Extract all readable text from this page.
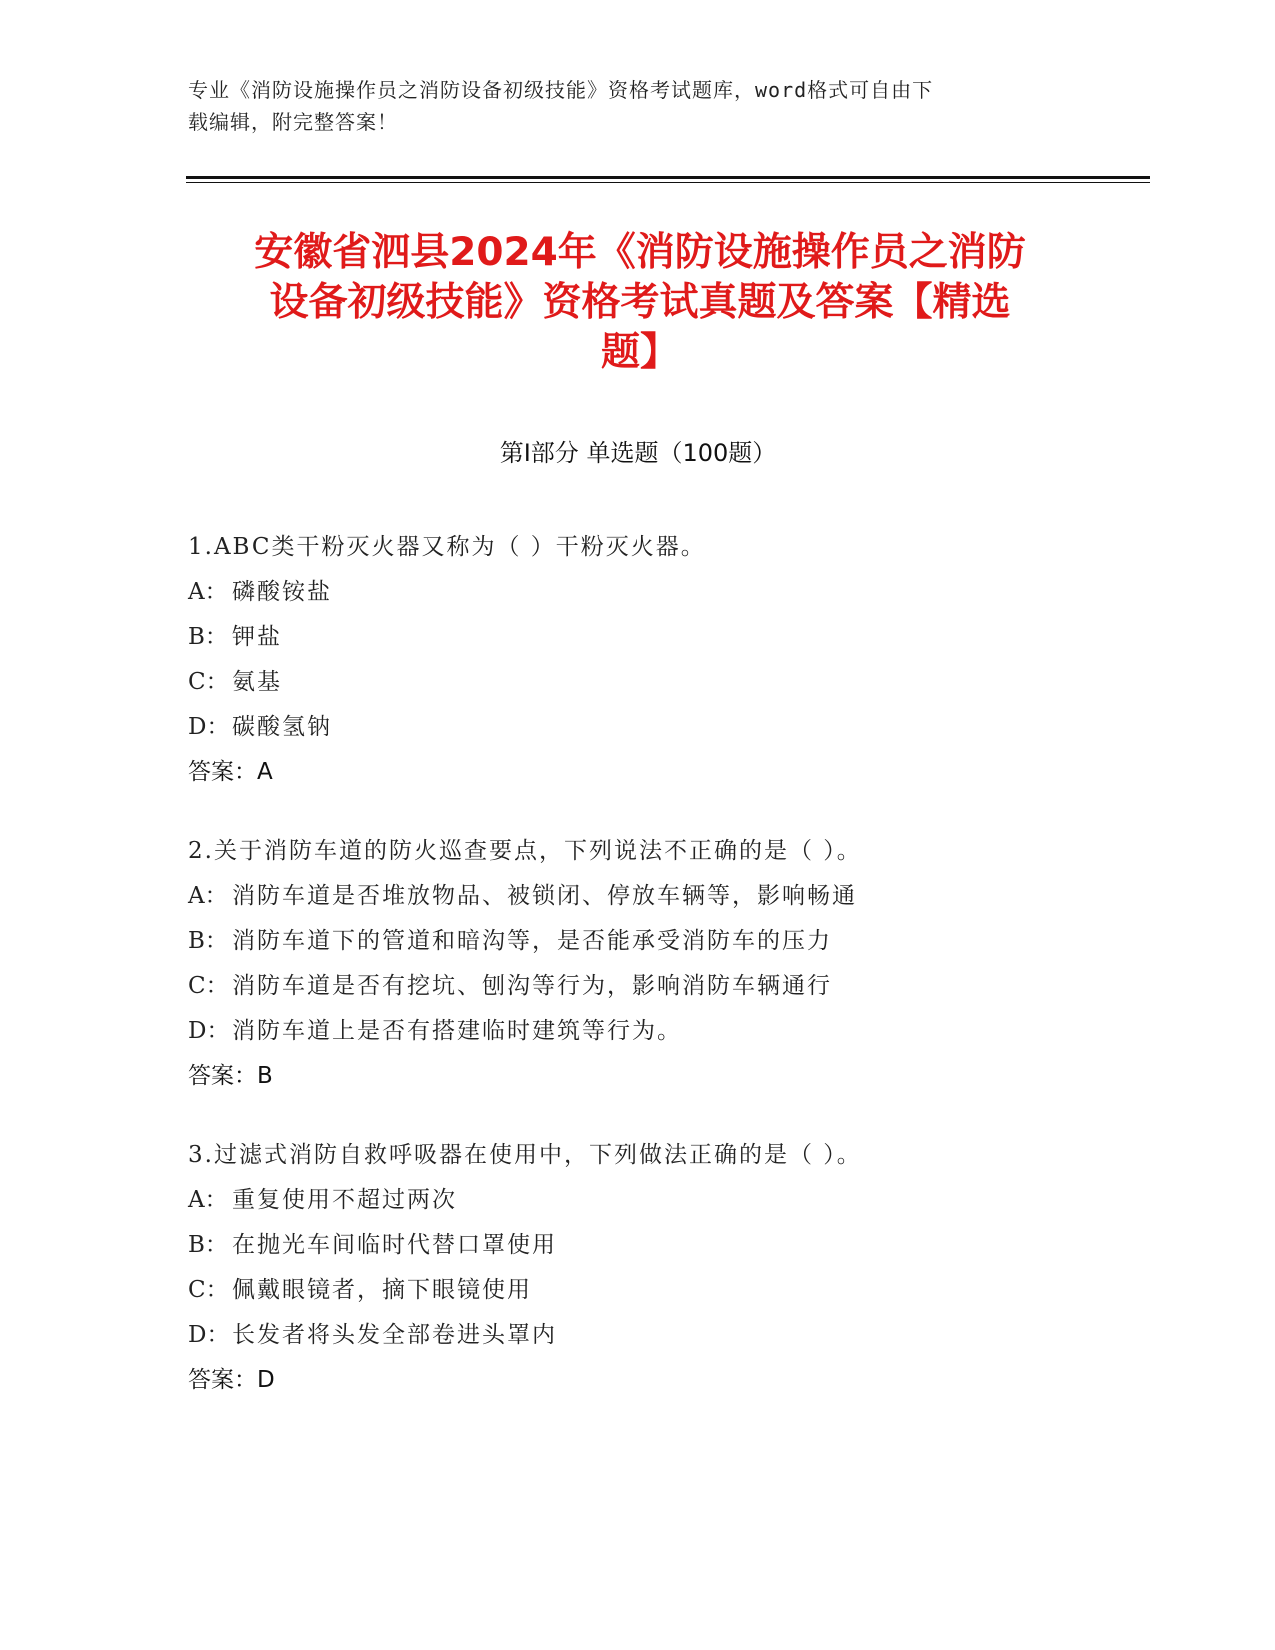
专业《消防设施操作员之消防设备初级技能》资格考试题库，word格式可自由下
载编辑，附完整答案！
安徽省泗县2024年《消防设施操作员之消防
设备初级技能》资格考试真题及答案【精选
题】
第Ⅰ部分 单选题（100题）
1.ABC类干粉灭火器又称为（ ）干粉灭火器。
A： 磷酸铵盐
B： 钾盐
C： 氨基
D： 碳酸氢钠
答案：A
2.关于消防车道的防火巡查要点，下列说法不正确的是（ ）。
A： 消防车道是否堆放物品、被锁闭、停放车辆等，影响畅通
B： 消防车道下的管道和暗沟等，是否能承受消防车的压力
C： 消防车道是否有挖坑、刨沟等行为，影响消防车辆通行
D： 消防车道上是否有搭建临时建筑等行为。
答案：B
3.过滤式消防自救呼吸器在使用中，下列做法正确的是（ ）。
A： 重复使用不超过两次
B： 在抛光车间临时代替口罩使用
C： 佩戴眼镜者，摘下眼镜使用
D： 长发者将头发全部卷进头罩内
答案：D
